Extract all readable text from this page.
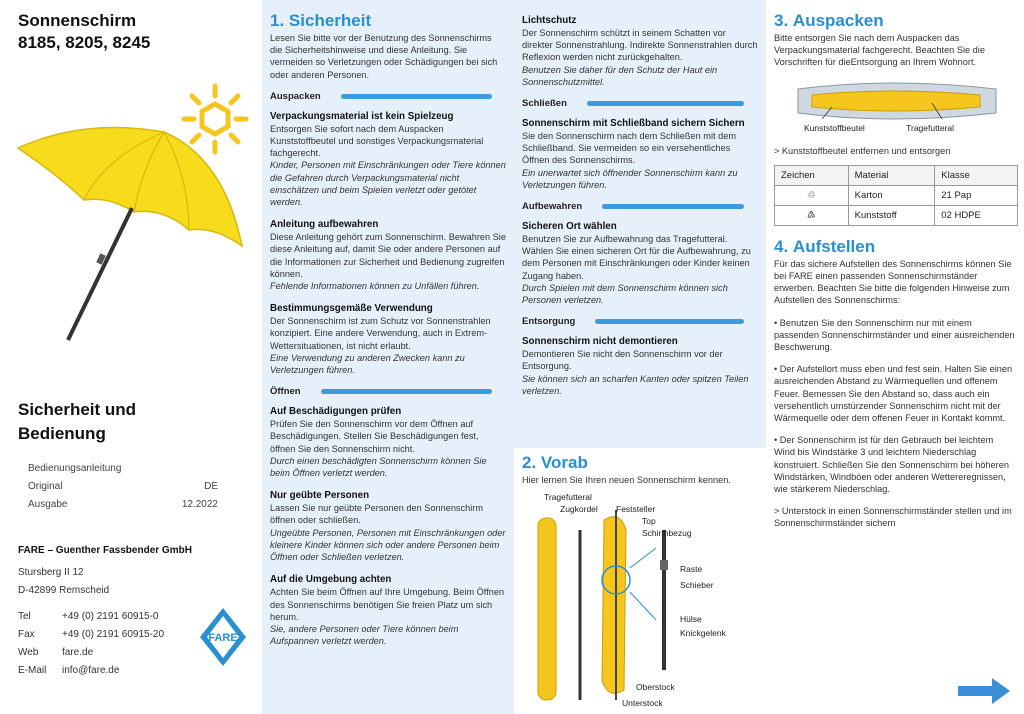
Sonnenschirm
8185, 8205, 8245
Sicherheit und
Bedienung
Bedienungsanleitung
Original	DE
Ausgabe	12.2022
FARE – Guenther Fassbender GmbH
Stursberg II 12
D-42899 Remscheid
Tel	+49 (0) 2191 60915-0
Fax	+49 (0) 2191 60915-20
Web	fare.de
E-Mail	info@fare.de
FARE
1. Sicherheit

Lesen Sie bitte vor der Benutzung des Sonnenschirms die Sicherheitshinweise und diese Anleitung. Sie vermeiden so Verletzungen oder Schädigungen bei sich oder anderen Personen.

Auspacken
Verpackungsmaterial ist kein Spielzeug

Entsorgen Sie sofort nach dem Auspacken Kunststoffbeutel und sonstiges Verpackungsmaterial fachgerecht.

Kinder, Personen mit Einschränkungen oder Tiere können die Gefahren durch Verpackungsmaterial nicht einschätzen und beim Spielen verletzt oder getötet werden.

Anleitung aufbewahren

Diese Anleitung gehört zum Sonnenschirm. Bewahren Sie diese Anleitung auf, damit Sie oder andere Personen auf die Informationen zur Sicherheit und Bedienung zugreifen können.

Fehlende Informationen können zu Unfällen führen.

Bestimmungsgemäße Verwendung

Der Sonnenschirm ist zum Schutz vor Sonnenstrahlen konzipiert. Eine andere Verwendung, auch in Extrem-Wettersituationen, ist nicht erlaubt.

Eine Verwendung zu anderen Zwecken kann zu Verletzungen führen.

Öffnen
Auf Beschädigungen prüfen

Prüfen Sie den Sonnenschirm vor dem Öffnen auf Beschädigungen. Stellen Sie Beschädigungen fest, öffnen Sie den Sonnenschirm nicht.

Durch einen beschädigten Sonnenschirm können Sie beim Öffnen verletzt werden.

Nur geübte Personen

Lassen Sie nur geübte Personen den Sonnenschirm öffnen oder schließen.

Ungeübte Personen, Personen mit Einschränkungen oder kleinere Kinder können sich oder andere Personen beim Öffnen oder Schließen verletzen.

Auf die Umgebung achten

Achten Sie beim Öffnen auf Ihre Umgebung. Beim Öffnen des Sonnenschirms benötigen Sie freien Platz um sich herum.

Sie, andere Personen oder Tiere können beim Aufspannen verletzt werden.

Lichtschutz

Der Sonnenschirm schützt in seinem Schatten vor direkter Sonnenstrahlung. Indirekte Sonnenstrahlen durch Reflexion werden nicht zurückgehalten.

Benutzen Sie daher für den Schutz der Haut ein Sonnenschutzmittel.

Schließen
Sonnenschirm mit Schließband sichern Sichern

Sie den Sonnenschirm nach dem Schließen mit dem Schließband. Sie vermeiden so ein versehentliches Öffnen des Sonnenschirms.

Ein unerwartet sich öffnender Sonnenschirm kann zu Verletzungen führen.

Aufbewahren
Sicheren Ort wählen

Benutzen Sie zur Aufbewahrung das Tragefutteral. Wählen Sie einen sicheren Ort für die Aufbewahrung, zu dem Personen mit Einschränkungen oder Kinder keinen Zugang haben.

Durch Spielen mit dem Sonnenschirm können sich Personen verletzen.

Entsorgung
Sonnenschirm nicht demontieren

Demontieren Sie nicht den Sonnenschirm vor der Entsorgung.

Sie können sich an scharfen Kanten oder spitzen Teilen verletzen.

2. Vorab

Hier lernen Sie Ihren neuen Sonnenschirm kennen.

Tragefutteral
Zugkordel Feststeller
Top
Schirmbezug
Raste
Schieber
Hülse
Knickgelenk
Oberstock
Unterstock
3. Auspacken

Bitte entsorgen Sie nach dem Auspacken das Verpackungsmaterial fachgerecht. Beachten Sie die Vorschriften für dieEntsorgung an Ihrem Wohnort.

Kunststoffbeutel	Tragefutteral

> Kunststoffbeutel entfernen und entsorgen

Zeichen	Material	Klasse
♲	Karton	21 Pap
♴	Kunststoff	02 HDPE
4. Aufstellen

Für das sichere Aufstellen des Sonnenschirms können Sie bei FARE einen passenden Sonnenschirmständer erwerben. Beachten Sie bitte die folgenden Hinweise zum Aufstellen des Sonnenschirms:

• Benutzen Sie den Sonnenschirm nur mit einem passenden Sonnenschirmständer und einer ausreichenden Beschwerung.

• Der Aufstellort muss eben und fest sein. Halten Sie einen ausreichenden Abstand zu Wärmequellen und offenem Feuer. Bemessen Sie den Abstand so, dass auch ein versehentlich umstürzender Sonnenschirm nicht mit der Wärmequelle oder dem offenen Feuer in Kontakt kommt.

• Der Sonnenschirm ist für den Gebrauch bei leichtem Wind bis Windstärke 3 und leichtem Niederschlag konstruiert. Schließen Sie den Sonnenschirm bei höheren Windstärken, Windböen oder anderen Wettereregnissen, wie stärkerem Niederschlag.

> Unterstock in einen Sonnenschirmständer stellen und im Sonnenschirmständer sichern
